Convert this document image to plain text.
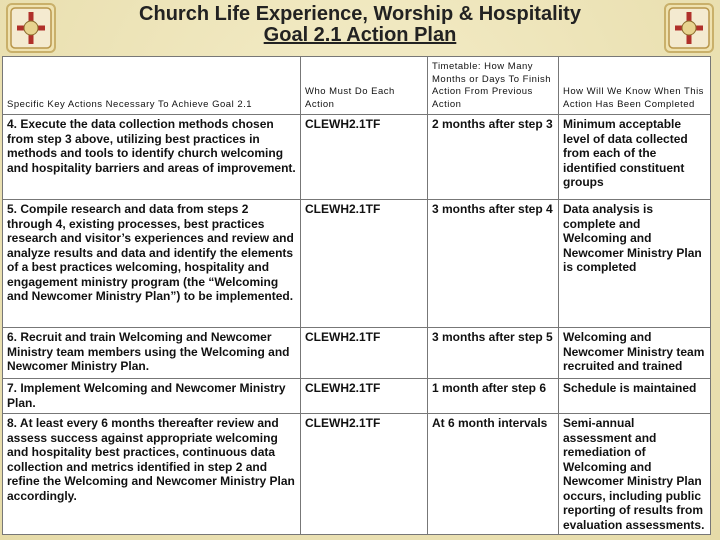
Church Life Experience, Worship & Hospitality
Goal 2.1 Action Plan
Specific Key Actions Necessary To Achieve Goal 2.1	Who Must Do Each Action	Timetable: How Many Months or Days To Finish Action From Previous Action	How Will We Know When This Action Has Been Completed
4. Execute the data collection methods chosen from step 3 above, utilizing best practices in methods and tools to identify church welcoming and hospitality barriers and areas of improvement.	CLEWH2.1TF	2 months after step 3	Minimum acceptable level of data collected from each of the identified constituent groups
5. Compile research and data from steps 2 through 4, existing processes, best practices research and visitor’s experiences and review and analyze results and data and identify the elements of a best practices welcoming, hospitality and engagement ministry program (the “Welcoming and Newcomer Ministry Plan”) to be implemented.	CLEWH2.1TF	3 months after step 4	Data analysis is complete and Welcoming and Newcomer Ministry Plan is completed
6. Recruit and train Welcoming and Newcomer Ministry team members using the Welcoming and Newcomer Ministry Plan.	CLEWH2.1TF	3 months after step 5	Welcoming and Newcomer Ministry team recruited and trained
7. Implement Welcoming and Newcomer Ministry Plan.	CLEWH2.1TF	1 month after step 6	Schedule is maintained
8. At least every 6 months thereafter review and assess success against appropriate welcoming and hospitality best practices, continuous data collection and metrics identified in step 2 and refine the Welcoming and Newcomer Ministry Plan accordingly.	CLEWH2.1TF	At 6 month intervals	Semi-annual assessment and remediation of Welcoming and Newcomer Ministry Plan occurs, including public reporting of results from evaluation assessments.
